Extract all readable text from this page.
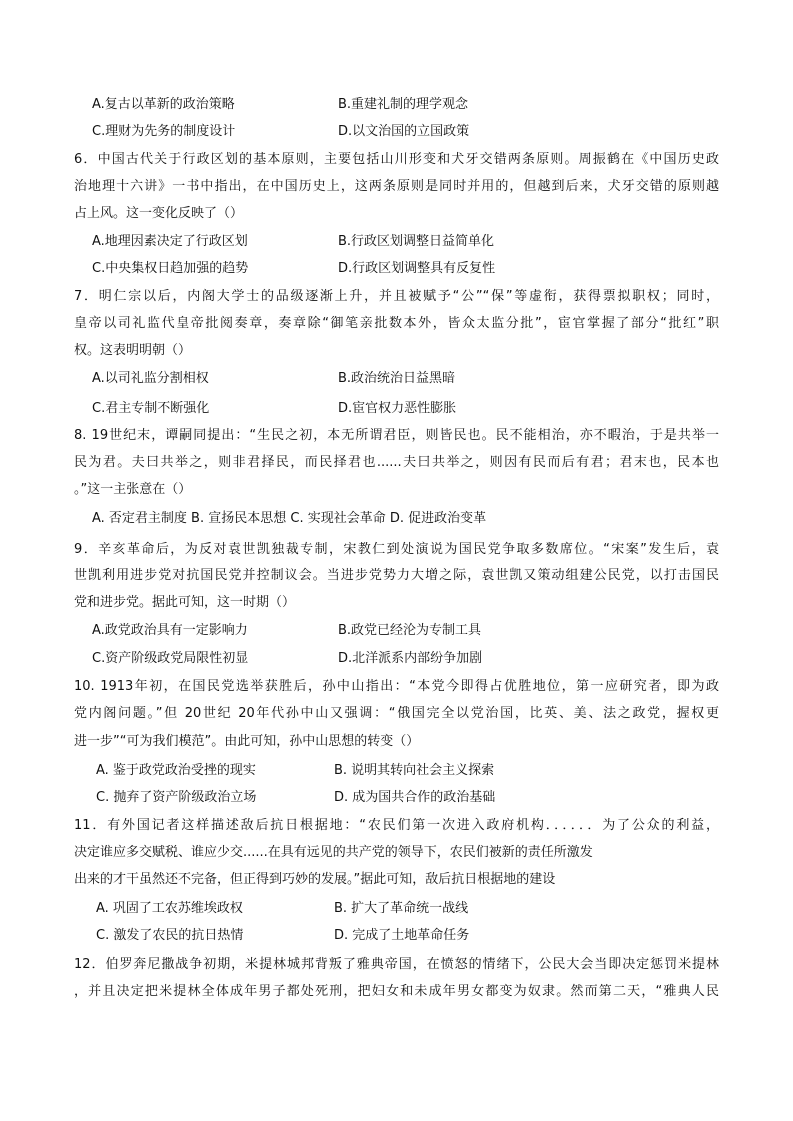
A.复古以革新的政治策略	B.重建礼制的理学观念
C.理财为先务的制度设计	D.以文治国的立国政策
6．中国古代关于行政区划的基本原则，主要包括山川形变和犬牙交错两条原则。周振鹤在《中国历史政
治地理十六讲》一书中指出，在中国历史上，这两条原则是同时并用的，但越到后来，犬牙交错的原则越
占上风。这一变化反映了（）
A.地理因素决定了行政区划	B.行政区划调整日益简单化
C.中央集权日趋加强的趋势	D.行政区划调整具有反复性
7．明仁宗以后，内阁大学士的品级逐渐上升，并且被赋予“公”“保”等虚衔，获得票拟职权；同时，
皇帝以司礼监代皇帝批阅奏章，奏章除“御笔亲批数本外，皆众太监分批”，宦官掌握了部分“批红”职
权。这表明明朝（）
A.以司礼监分割相权	B.政治统治日益黑暗
C.君主专制不断强化	D.宦官权力恶性膨胀
8. 19世纪末，谭嗣同提出：“生民之初，本无所谓君臣，则皆民也。民不能相治，亦不暇治，于是共举一
民为君。夫曰共举之，则非君择民，而民择君也......夫曰共举之，则因有民而后有君；君末也，民本也
。”这一主张意在（）
A. 否定君主制度 B. 宣扬民本思想 C. 实现社会革命 D. 促进政治变革
9．辛亥革命后，为反对袁世凯独裁专制，宋教仁到处演说为国民党争取多数席位。“宋案”发生后，袁
世凯利用进步党对抗国民党并控制议会。当进步党势力大增之际，袁世凯又策动组建公民党，以打击国民
党和进步党。据此可知，这一时期（）
A.政党政治具有一定影响力	B.政党已经沦为专制工具
C.资产阶级政党局限性初显	D.北洋派系内部纷争加剧
10. 1913年初，在国民党选举获胜后，孙中山指出：“本党今即得占优胜地位，第一应研究者，即为政
党内阁问题。”但 20世纪 20年代孙中山又强调：“俄国完全以党治国，比英、美、法之政党，握权更
进一步”“可为我们模范”。由此可知，孙中山思想的转变（）
A. 鉴于政党政治受挫的现实	B. 说明其转向社会主义探索
C. 抛弃了资产阶级政治立场	D. 成为国共合作的政治基础
11．有外国记者这样描述敌后抗日根据地：“农民们第一次进入政府机构．．．．．．为了公众的利益，
决定谁应多交赋税、谁应少交......在具有远见的共产党的领导下，农民们被新的责任所激发
出来的才干虽然还不完备，但正得到巧妙的发展。”据此可知，敌后抗日根据地的建设
A. 巩固了工农苏维埃政权	B. 扩大了革命统一战线
C. 激发了农民的抗日热情	D. 完成了土地革命任务
12．伯罗奔尼撒战争初期，米提林城邦背叛了雅典帝国，在愤怒的情绪下，公民大会当即决定惩罚米提林
，并且决定把米提林全体成年男子都处死刑，把妇女和未成年男女都变为奴隶。然而第二天，“雅典人民
